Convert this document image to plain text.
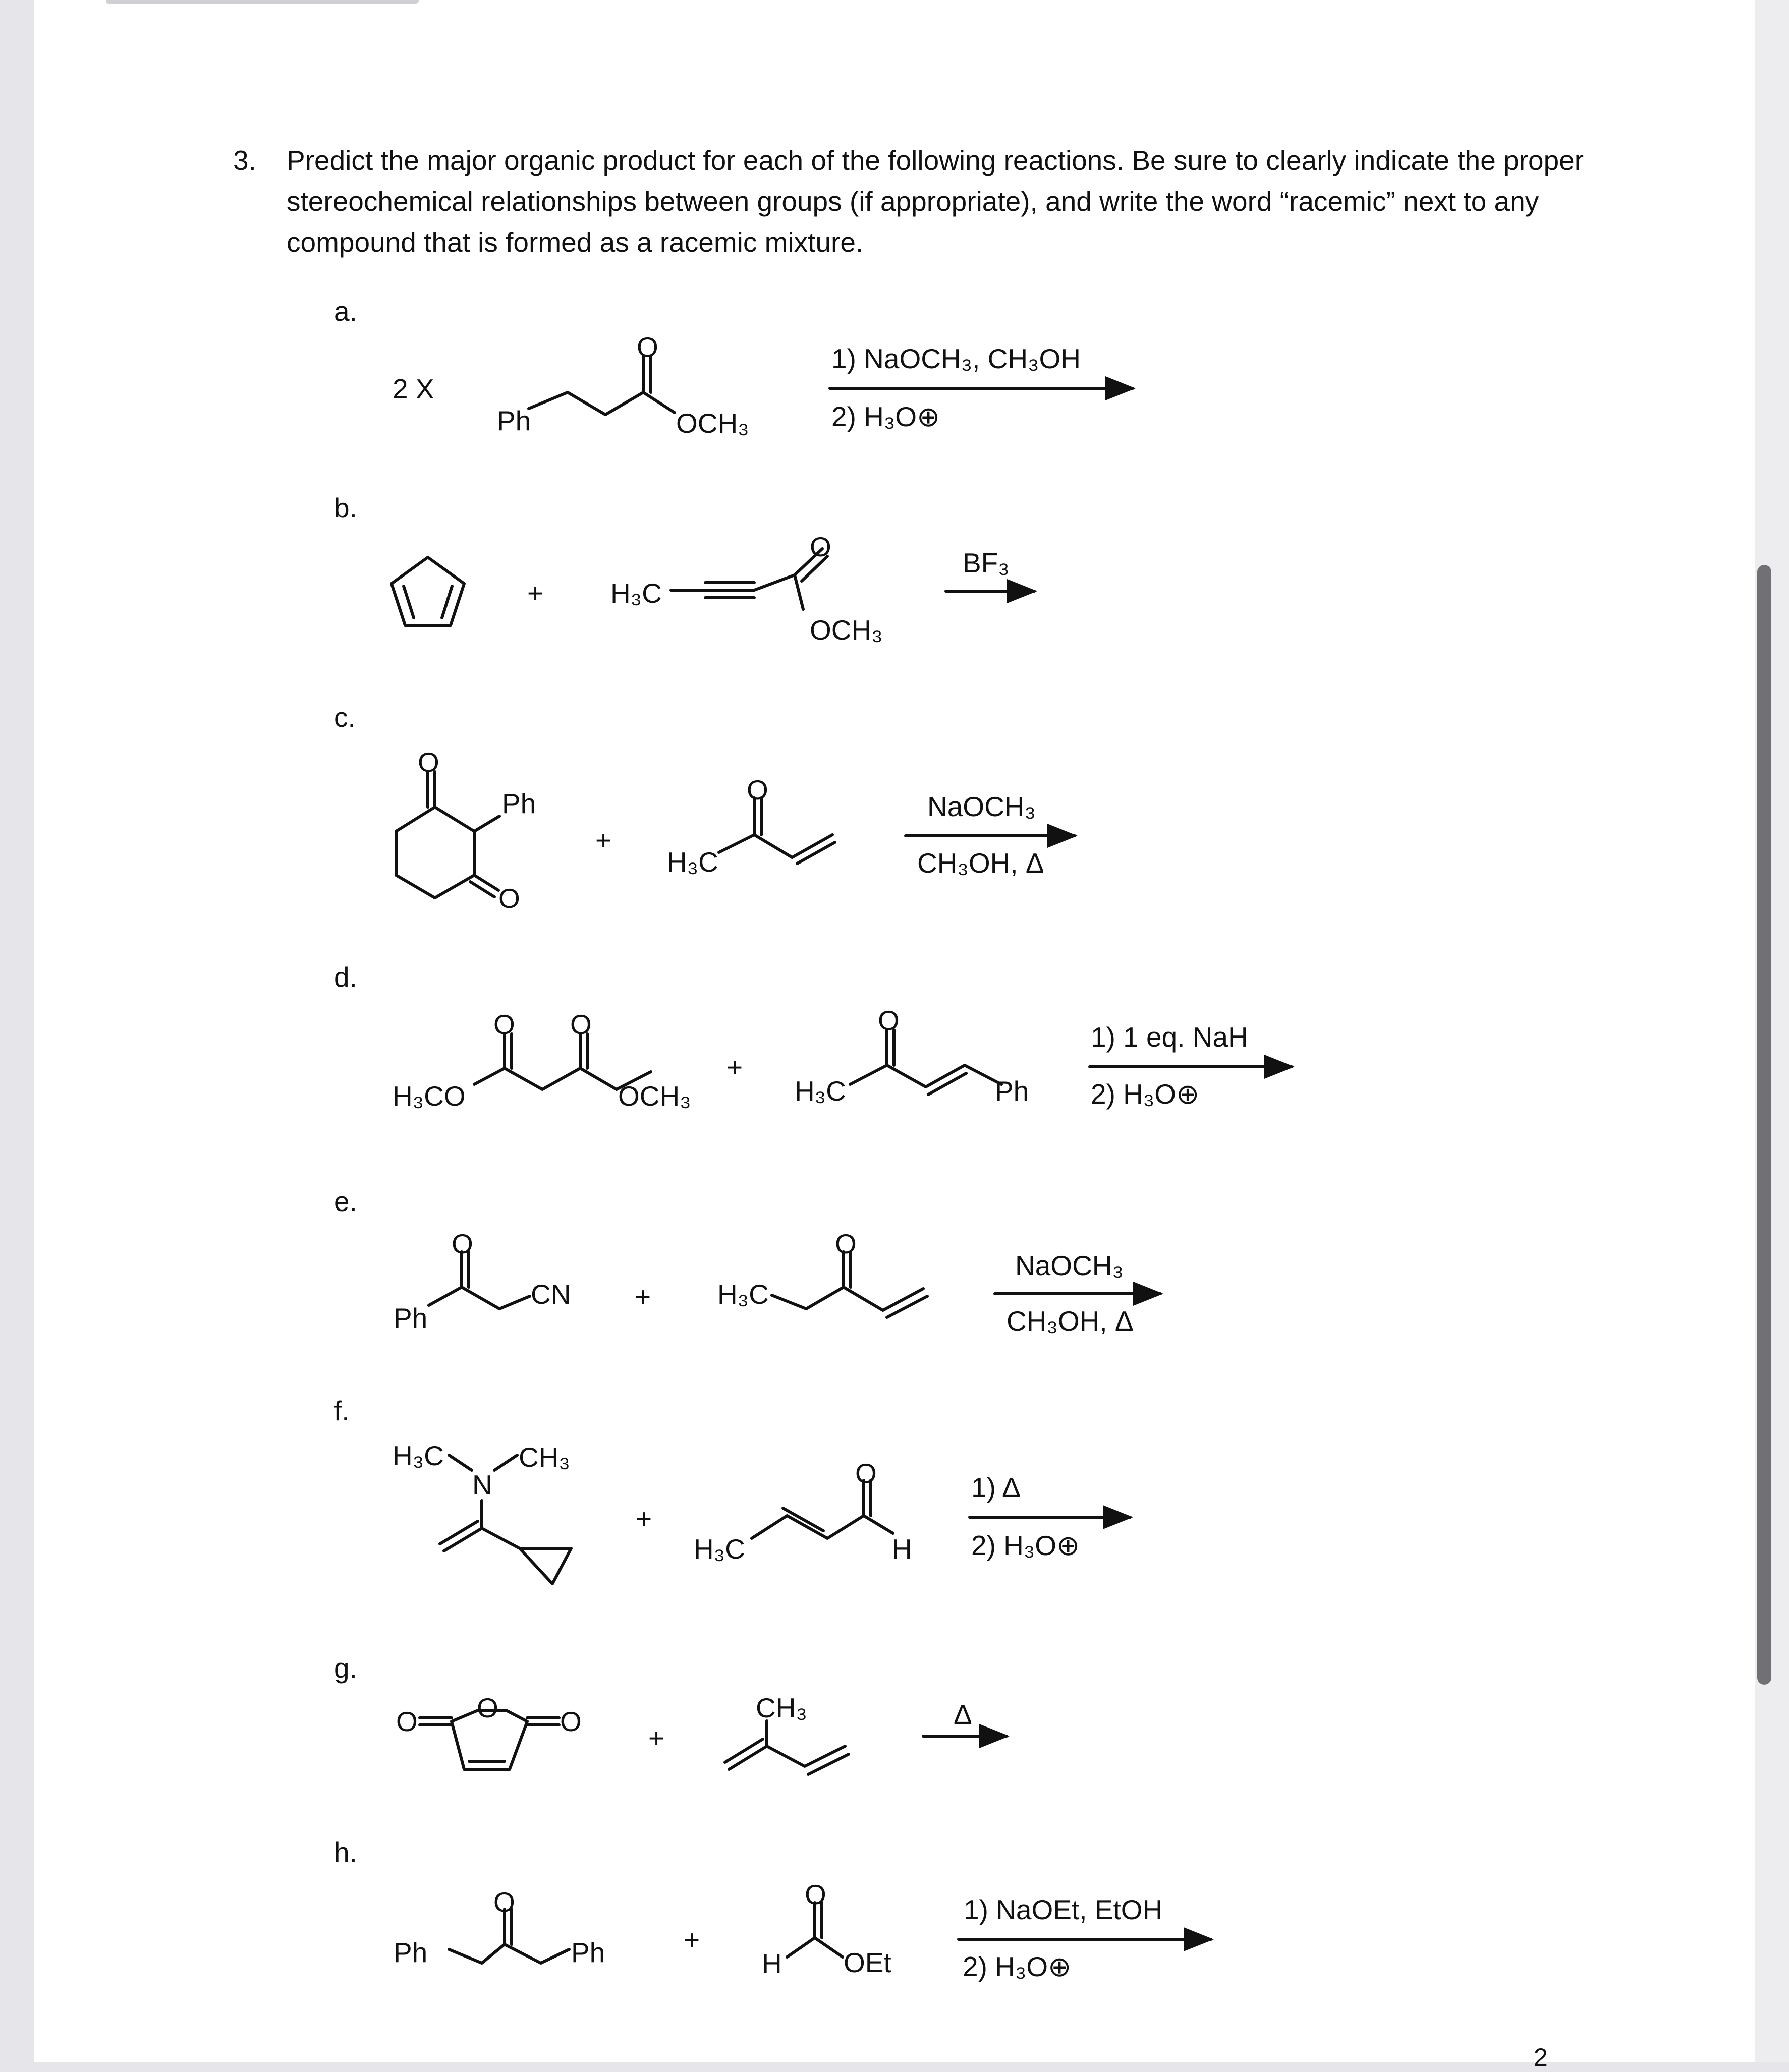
3. Predict the major organic product for each of the following reactions. Be sure to clearly indicate the proper stereochemical relationships between groups (if appropriate), and write the word “racemic” next to any compound that is formed as a racemic mixture.
a.
b.
c.
d.
e.
f.
g.
h.
2 X
Ph
O
OCH₃
1) NaOCH₃, CH₃OH
2) H₃O⊕
+ H₃C
O
OCH₃
BF₃
O
Ph
O
+
H₃C
O
NaOCH₃
CH₃OH, Δ
H₃CO
O O
OCH₃
+
H₃C
O
Ph
1) 1 eq. NaH
2) H₃O⊕
Ph
O
CN + H₃C
O
NaOCH₃
CH₃OH, Δ
H₃C
N
CH₃
+
H₃C
O
H
1) Δ
2) H₃O⊕
O O O
+
CH₃	Δ
Ph
O
Ph	+
O
H OEt
1) NaOEt, EtOH
2) H₃O⊕
2
